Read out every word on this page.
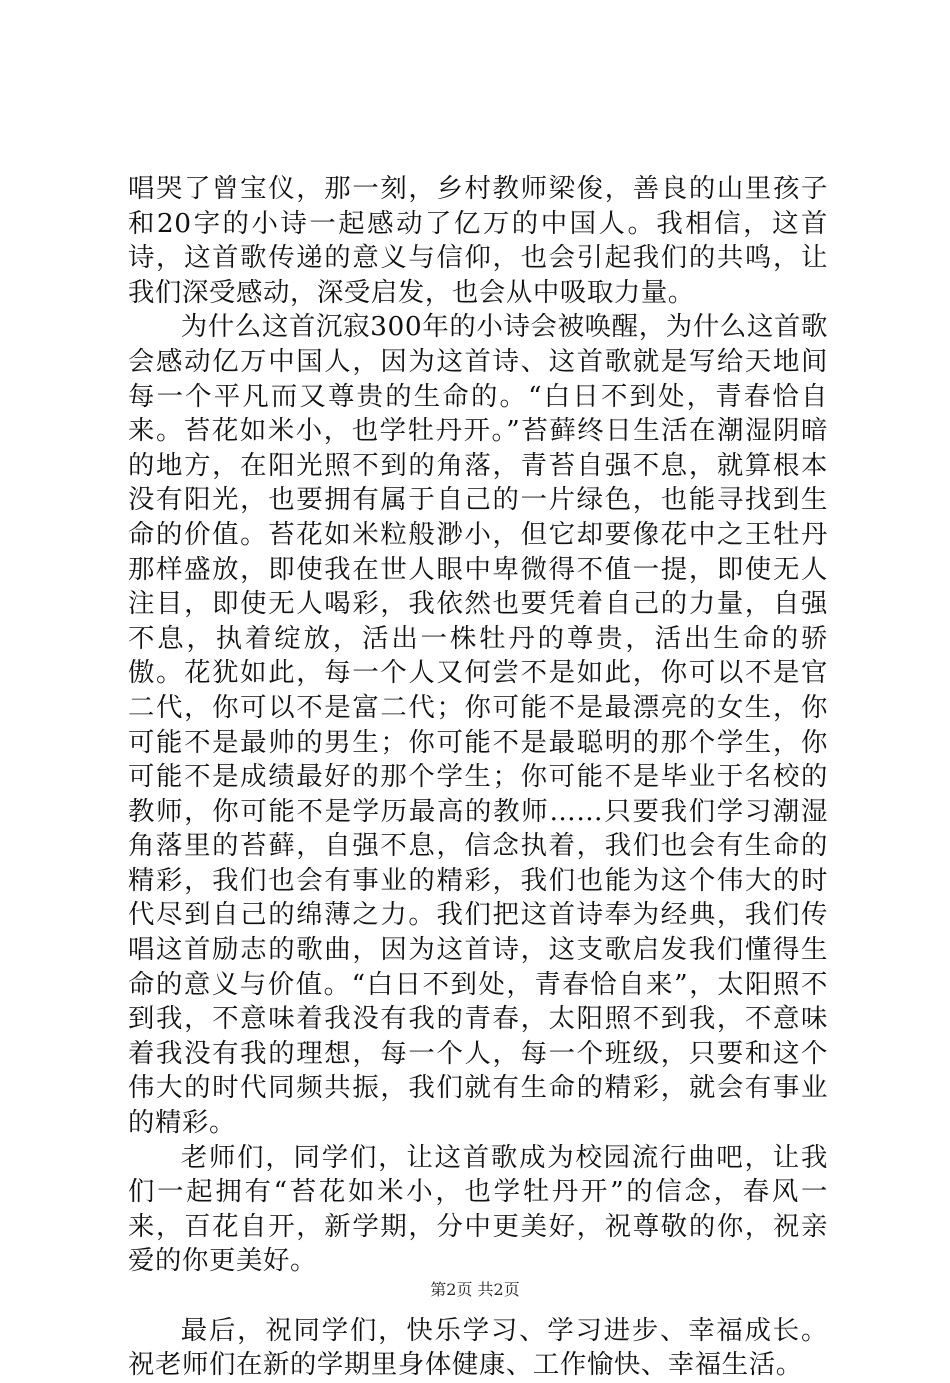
唱哭了曾宝仪，那一刻，乡村教师梁俊，善良的山里孩子和20字的小诗一起感动了亿万的中国人。我相信，这首诗，这首歌传递的意义与信仰，也会引起我们的共鸣，让我们深受感动，深受启发，也会从中吸取力量。

为什么这首沉寂300年的小诗会被唤醒，为什么这首歌会感动亿万中国人，因为这首诗、这首歌就是写给天地间每一个平凡而又尊贵的生命的。“白日不到处，青春恰自来。苔花如米小，也学牡丹开。”苔藓终日生活在潮湿阴暗的地方，在阳光照不到的角落，青苔自强不息，就算根本没有阳光，也要拥有属于自己的一片绿色，也能寻找到生命的价值。苔花如米粒般渺小，但它却要像花中之王牡丹那样盛放，即使我在世人眼中卑微得不值一提，即使无人注目，即使无人喝彩，我依然也要凭着自己的力量，自强不息，执着绽放，活出一株牡丹的尊贵，活出生命的骄傲。花犹如此，每一个人又何尝不是如此，你可以不是官二代，你可以不是富二代；你可能不是最漂亮的女生，你可能不是最帅的男生；你可能不是最聪明的那个学生，你可能不是成绩最好的那个学生；你可能不是毕业于名校的教师，你可能不是学历最高的教师……只要我们学习潮湿角落里的苔藓，自强不息，信念执着，我们也会有生命的精彩，我们也会有事业的精彩，我们也能为这个伟大的时代尽到自己的绵薄之力。我们把这首诗奉为经典，我们传唱这首励志的歌曲，因为这首诗，这支歌启发我们懂得生命的意义与价值。“白日不到处，青春恰自来”，太阳照不到我，不意味着我没有我的青春，太阳照不到我，不意味着我没有我的理想，每一个人，每一个班级，只要和这个伟大的时代同频共振，我们就有生命的精彩，就会有事业的精彩。

老师们，同学们，让这首歌成为校园流行曲吧，让我们一起拥有“苔花如米小，也学牡丹开”的信念，春风一来，百花自开，新学期，分中更美好，祝尊敬的你，祝亲爱的你更美好。

最后，祝同学们，快乐学习、学习进步、幸福成长。祝老师们在新的学期里身体健康、工作愉快、幸福生活。

第2页 共2页
